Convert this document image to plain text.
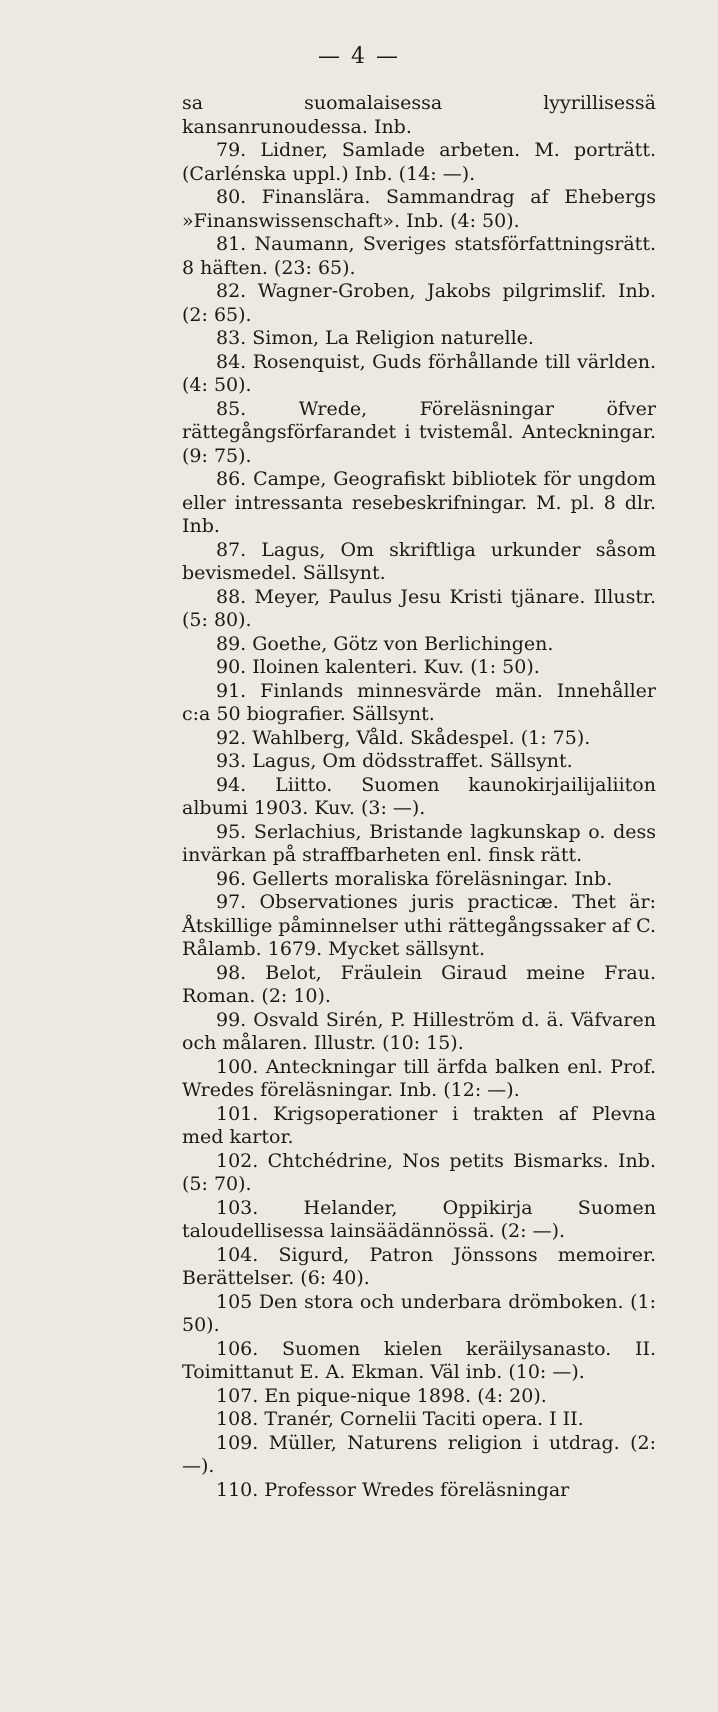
— 4 —

sa suomalaisessa lyyrillisessä kansanrunoudessa. Inb.

79. Lidner, Samlade arbeten. M. porträtt. (Carlénska uppl.) Inb. (14: —).

80. Finanslära. Sammandrag af Ehebergs »Finanswissenschaft». Inb. (4: 50).

81. Naumann, Sveriges statsförfattningsrätt. 8 häften. (23: 65).

82. Wagner-Groben, Jakobs pilgrimslif. Inb. (2: 65).

83. Simon, La Religion naturelle.

84. Rosenquist, Guds förhållande till världen. (4: 50).

85. Wrede, Föreläsningar öfver rättegångsförfarandet i tvistemål. Anteckningar. (9: 75).

86. Campe, Geografiskt bibliotek för ungdom eller intressanta resebeskrifningar. M. pl. 8 dlr. Inb.

87. Lagus, Om skriftliga urkunder såsom bevismedel. Sällsynt.

88. Meyer, Paulus Jesu Kristi tjänare. Illustr. (5: 80).

89. Goethe, Götz von Berlichingen.

90. Iloinen kalenteri. Kuv. (1: 50).

91. Finlands minnesvärde män. Innehåller c:a 50 biografier. Sällsynt.

92. Wahlberg, Våld. Skådespel. (1: 75).

93. Lagus, Om dödsstraffet. Sällsynt.

94. Liitto. Suomen kaunokirjailijaliiton albumi 1903. Kuv. (3: —).

95. Serlachius, Bristande lagkunskap o. dess invärkan på straffbarheten enl. finsk rätt.

96. Gellerts moraliska föreläsningar. Inb.

97. Observationes juris practicæ. Thet är: Åtskillige påminnelser uthi rättegångssaker af C. Rålamb. 1679. Mycket sällsynt.

98. Belot, Fräulein Giraud meine Frau. Roman. (2: 10).

99. Osvald Sirén, P. Hilleström d. ä. Väfvaren och målaren. Illustr. (10: 15).

100. Anteckningar till ärfda balken enl. Prof. Wredes föreläsningar. Inb. (12: —).

101. Krigsoperationer i trakten af Plevna med kartor.

102. Chtchédrine, Nos petits Bismarks. Inb. (5: 70).

103. Helander, Oppikirja Suomen taloudellisessa lainsäädännössä. (2: —).

104. Sigurd, Patron Jönssons memoirer. Berättelser. (6: 40).

105 Den stora och underbara drömboken. (1: 50).

106. Suomen kielen keräilysanasto. II. Toimittanut E. A. Ekman. Väl inb. (10: —).

107. En pique-nique 1898. (4: 20).

108. Tranér, Cornelii Taciti opera. I II.

109. Müller, Naturens religion i utdrag. (2: —).

110. Professor Wredes föreläsningar
